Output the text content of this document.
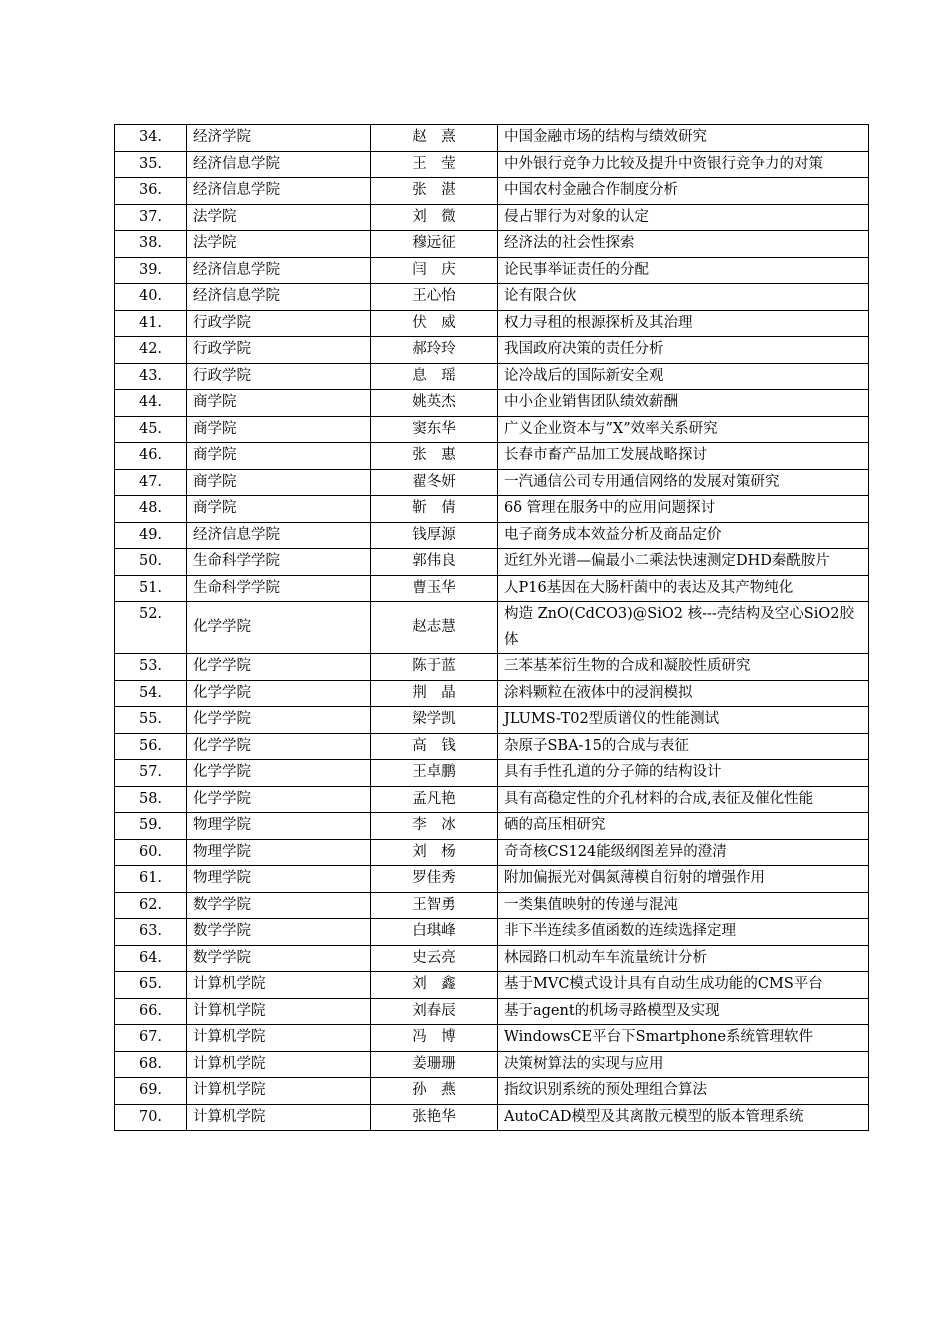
34.	经济学院	赵　熹	中国金融市场的结构与绩效研究
35.	经济信息学院	王　莹	中外银行竞争力比较及提升中资银行竞争力的对策
36.	经济信息学院	张　湛	中国农村金融合作制度分析
37.	法学院	刘　微	侵占罪行为对象的认定
38.	法学院	穆远征	经济法的社会性探索
39.	经济信息学院	闫　庆	论民事举证责任的分配
40.	经济信息学院	王心怡	论有限合伙
41.	行政学院	伏　威	权力寻租的根源探析及其治理
42.	行政学院	郝玲玲	我国政府决策的责任分析
43.	行政学院	息　瑶	论冷战后的国际新安全观
44.	商学院	姚英杰	中小企业销售团队绩效薪酬
45.	商学院	窦东华	广义企业资本与”X”效率关系研究
46.	商学院	张　惠	长春市畜产品加工发展战略探讨
47.	商学院	翟冬妍	一汽通信公司专用通信网络的发展对策研究
48.	商学院	靳　倩	6δ 管理在服务中的应用问题探讨
49.	经济信息学院	钱厚源	电子商务成本效益分析及商品定价
50.	生命科学学院	郭伟良	近红外光谱—偏最小二乘法快速测定DHD秦酰胺片
51.	生命科学学院	曹玉华	人P16基因在大肠杆菌中的表达及其产物纯化
52.	化学学院	赵志慧	构造 ZnO(CdCO3)@SiO2 核---壳结构及空心SiO2胶体
53.	化学学院	陈于蓝	三苯基苯衍生物的合成和凝胶性质研究
54.	化学学院	荆　晶	涂料颗粒在液体中的浸润模拟
55.	化学学院	梁学凯	JLUMS-T02型质谱仪的性能测试
56.	化学学院	高　钱	杂原子SBA-15的合成与表征
57.	化学学院	王卓鹏	具有手性孔道的分子筛的结构设计
58.	化学学院	孟凡艳	具有高稳定性的介孔材料的合成,表征及催化性能
59.	物理学院	李　冰	硒的高压相研究
60.	物理学院	刘　杨	奇奇核CS124能级纲图差异的澄清
61.	物理学院	罗佳秀	附加偏振光对偶氮薄模自衍射的增强作用
62.	数学学院	王智勇	一类集值映射的传递与混沌
63.	数学学院	白琪峰	非下半连续多值函数的连续选择定理
64.	数学学院	史云亮	林园路口机动车车流量统计分析
65.	计算机学院	刘　鑫	基于MVC模式设计具有自动生成功能的CMS平台
66.	计算机学院	刘春辰	基于agent的机场寻路模型及实现
67.	计算机学院	冯　博	WindowsCE平台下Smartphone系统管理软件
68.	计算机学院	姜珊珊	决策树算法的实现与应用
69.	计算机学院	孙　燕	指纹识别系统的预处理组合算法
70.	计算机学院	张艳华	AutoCAD模型及其离散元模型的版本管理系统
